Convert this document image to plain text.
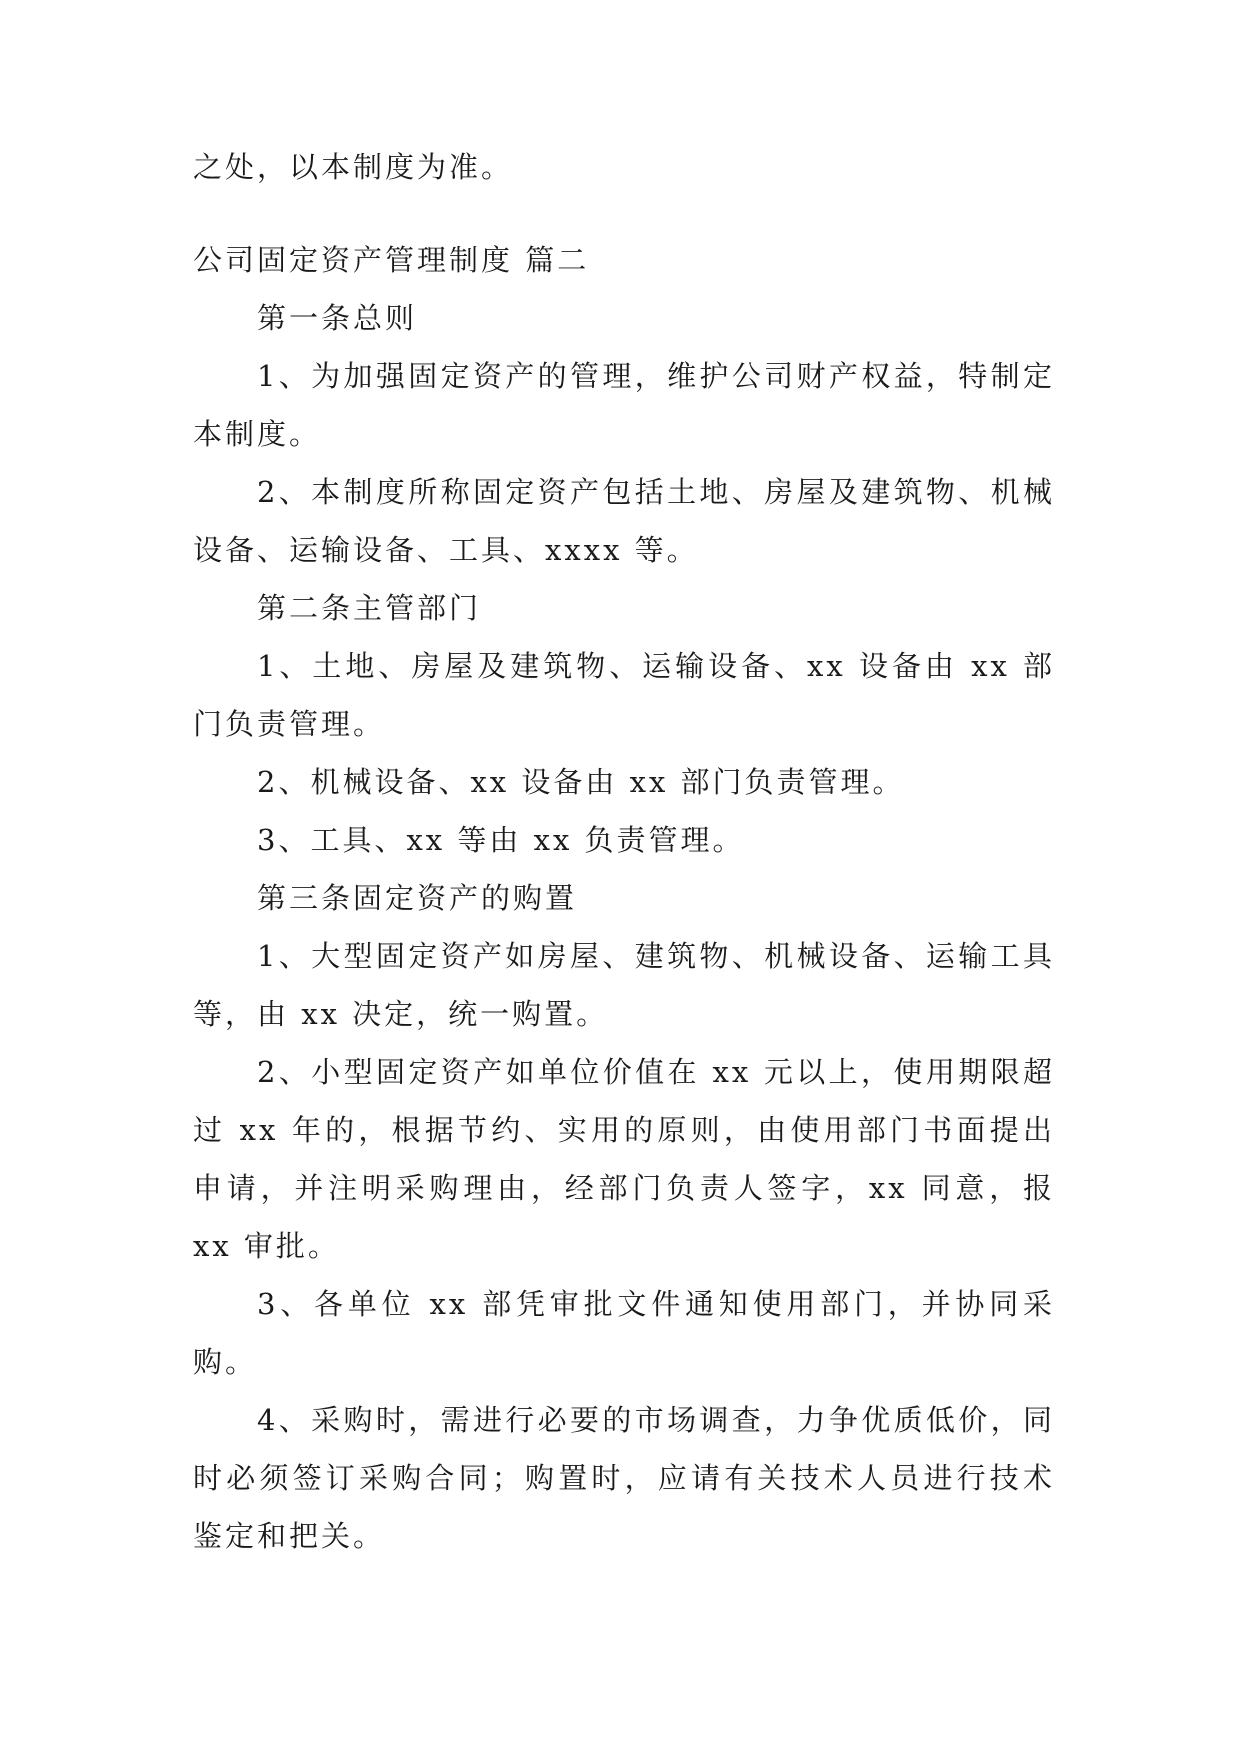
之处，以本制度为准。

公司固定资产管理制度 篇二

第一条总则

1、为加强固定资产的管理，维护公司财产权益，特制定本制度。

2、本制度所称固定资产包括土地、房屋及建筑物、机械设备、运输设备、工具、xxxx 等。

第二条主管部门

1、土地、房屋及建筑物、运输设备、xx 设备由 xx 部门负责管理。

2、机械设备、xx 设备由 xx 部门负责管理。

3、工具、xx 等由 xx 负责管理。

第三条固定资产的购置

1、大型固定资产如房屋、建筑物、机械设备、运输工具等，由 xx 决定，统一购置。

2、小型固定资产如单位价值在 xx 元以上，使用期限超过 xx 年的，根据节约、实用的原则，由使用部门书面提出申请，并注明采购理由，经部门负责人签字，xx 同意，报 xx 审批。

3、各单位 xx 部凭审批文件通知使用部门，并协同采购。

4、采购时，需进行必要的市场调查，力争优质低价，同时必须签订采购合同；购置时，应请有关技术人员进行技术鉴定和把关。
